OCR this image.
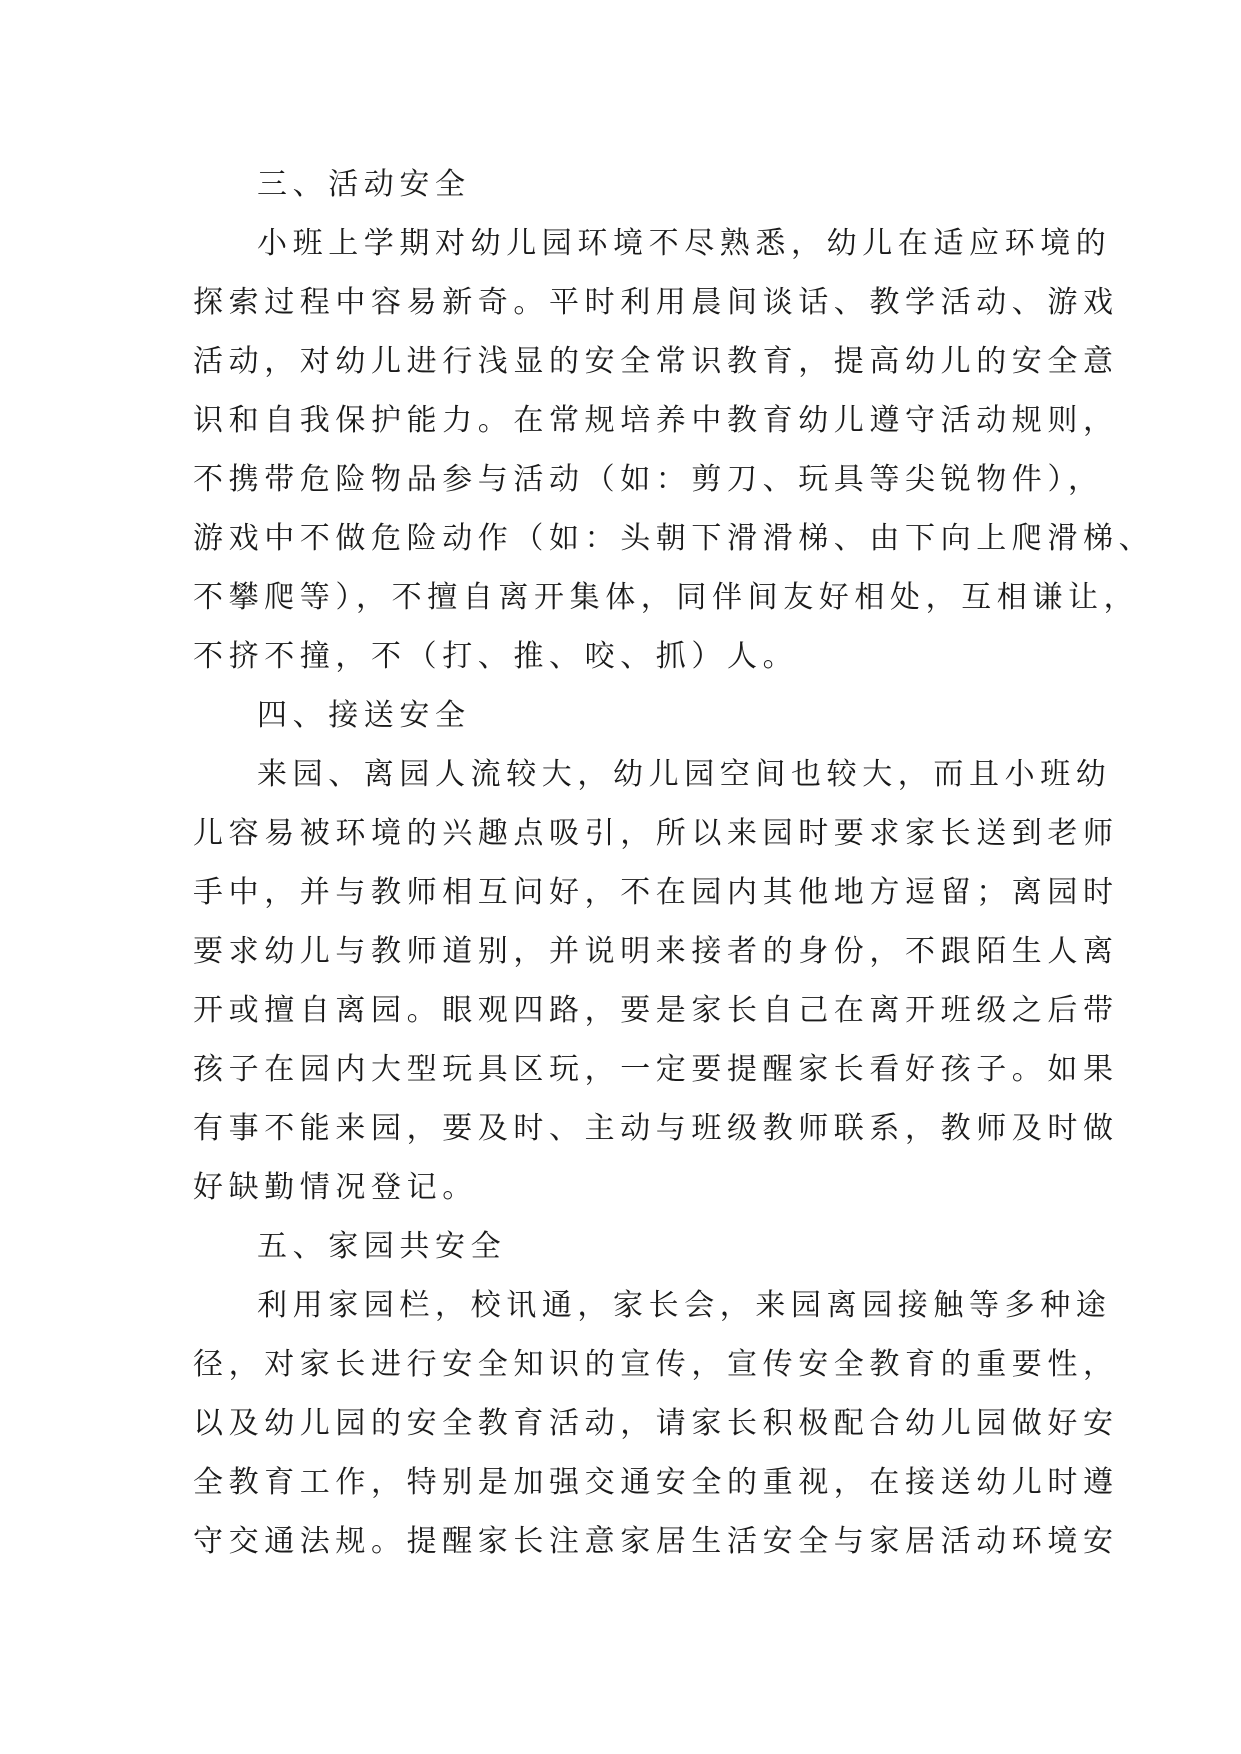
三、活动安全
小班上学期对幼儿园环境不尽熟悉，幼儿在适应环境的
探索过程中容易新奇。平时利用晨间谈话、教学活动、游戏
活动，对幼儿进行浅显的安全常识教育，提高幼儿的安全意
识和自我保护能力。在常规培养中教育幼儿遵守活动规则，
不携带危险物品参与活动（如：剪刀、玩具等尖锐物件），
游戏中不做危险动作（如：头朝下滑滑梯、由下向上爬滑梯、
不攀爬等），不擅自离开集体，同伴间友好相处，互相谦让，
不挤不撞，不（打、推、咬、抓）人。
四、接送安全
来园、离园人流较大，幼儿园空间也较大，而且小班幼
儿容易被环境的兴趣点吸引，所以来园时要求家长送到老师
手中，并与教师相互问好，不在园内其他地方逗留；离园时
要求幼儿与教师道别，并说明来接者的身份，不跟陌生人离
开或擅自离园。眼观四路，要是家长自己在离开班级之后带
孩子在园内大型玩具区玩，一定要提醒家长看好孩子。如果
有事不能来园，要及时、主动与班级教师联系，教师及时做
好缺勤情况登记。
五、家园共安全
利用家园栏，校讯通，家长会，来园离园接触等多种途
径，对家长进行安全知识的宣传，宣传安全教育的重要性，
以及幼儿园的安全教育活动，请家长积极配合幼儿园做好安
全教育工作，特别是加强交通安全的重视，在接送幼儿时遵
守交通法规。提醒家长注意家居生活安全与家居活动环境安
